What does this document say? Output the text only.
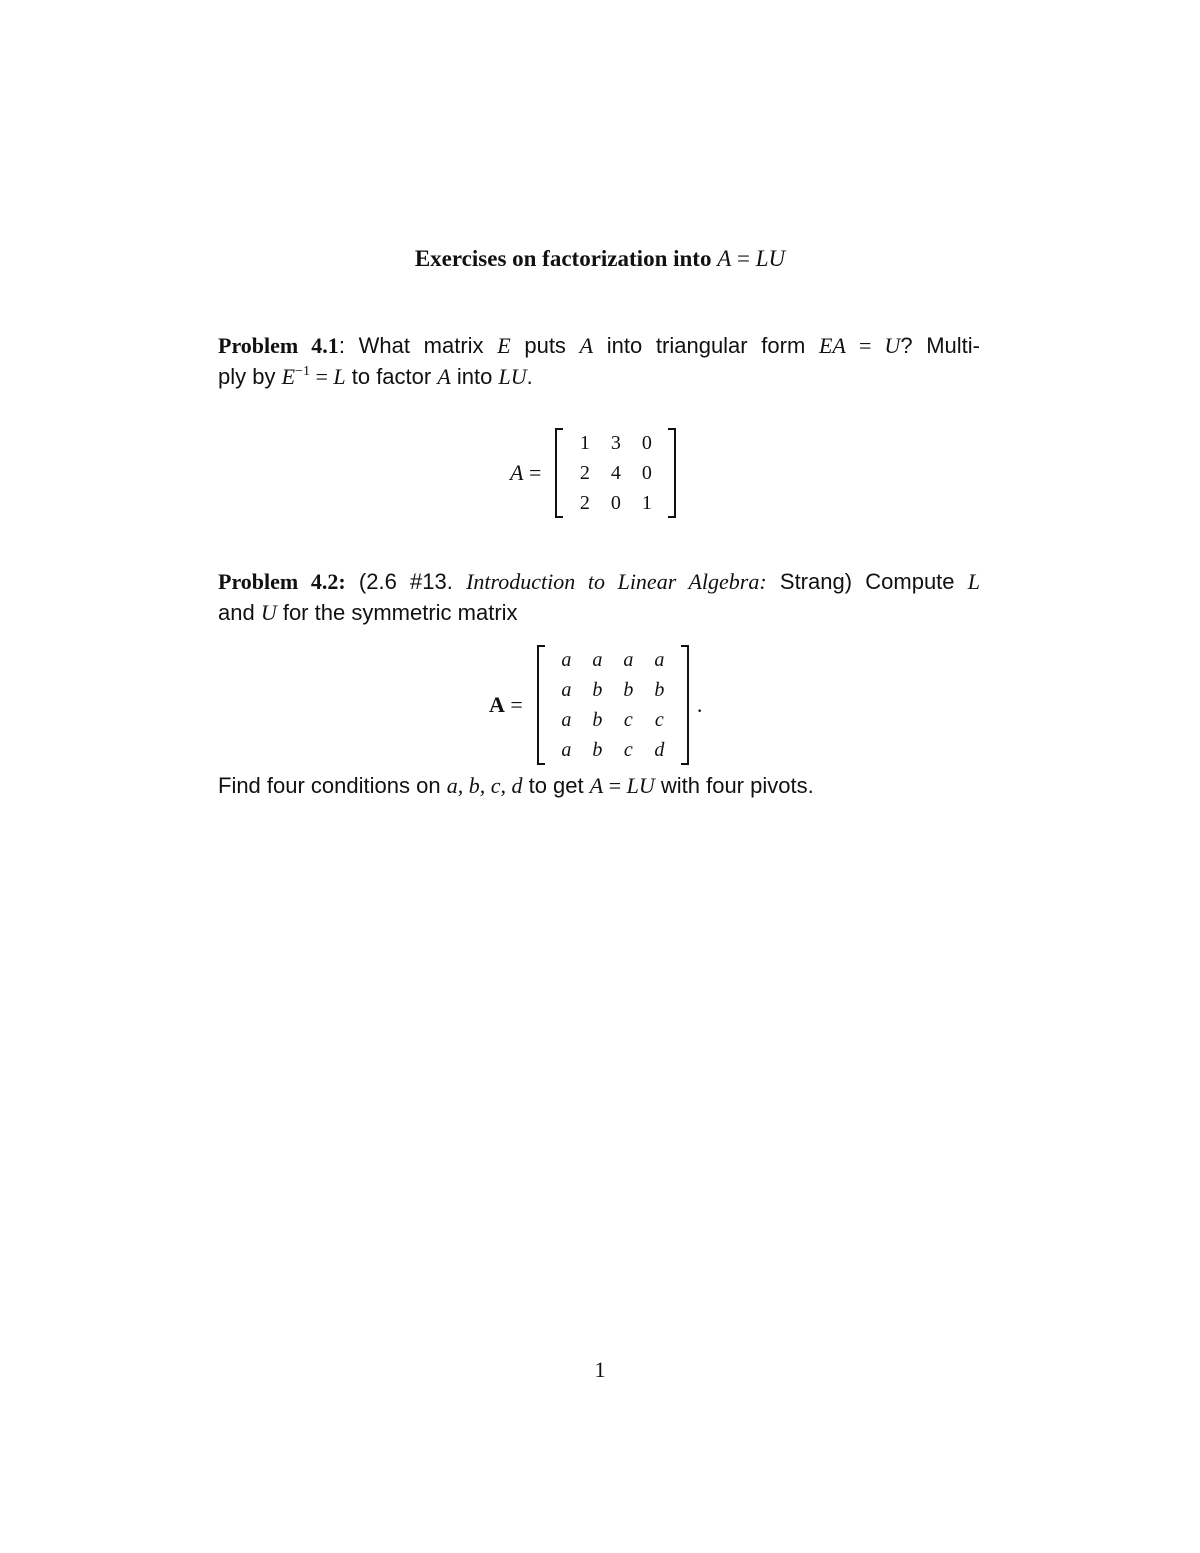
Exercises on factorization into A = LU
Problem 4.1: What matrix E puts A into triangular form EA = U? Multi-
ply by $E^{-1} = L$ to factor A into LU.
A =
1	3	0
2	4	0
2	0	1
Problem 4.2: (2.6 #13. Introduction to Linear Algebra: Strang) Compute L
and U for the symmetric matrix
A =
a	a	a	a
a	b	b	b
a	b	c	c
a	b	c	d
.
Find four conditions on a, b, c, d to get A = LU with four pivots.
1
